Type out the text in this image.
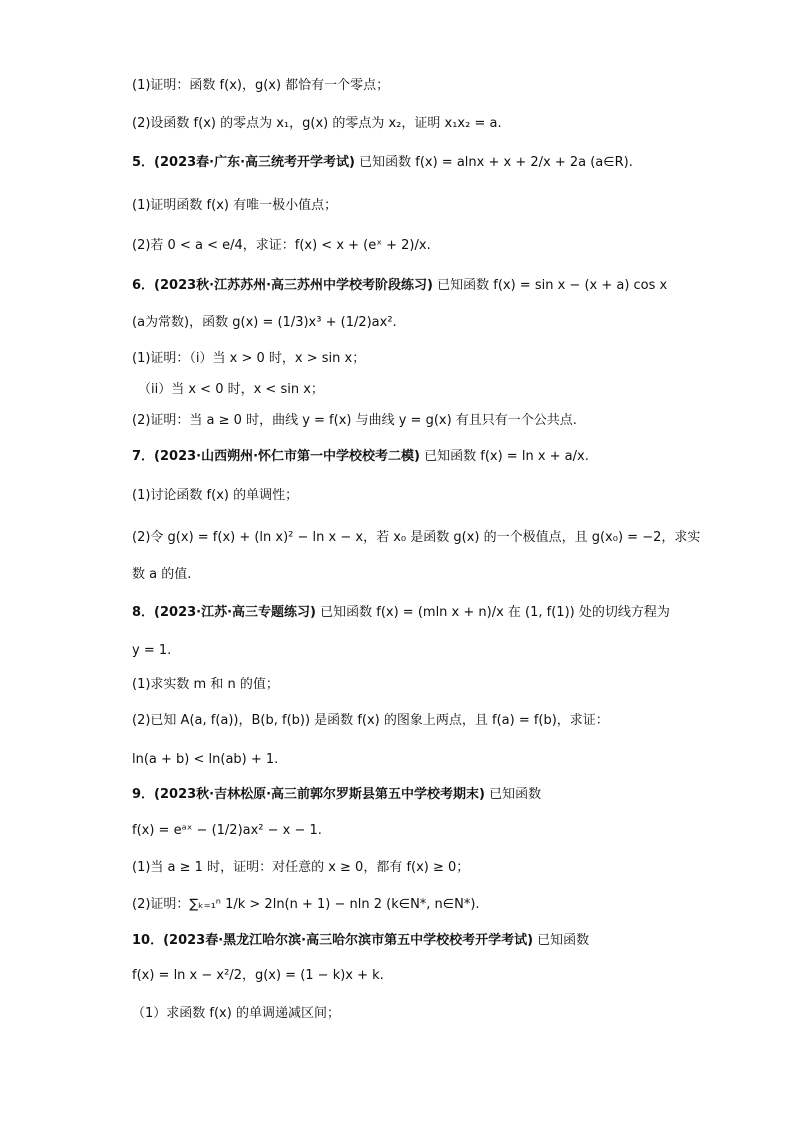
(1)证明：函数 f(x)，g(x) 都恰有一个零点；
(2)设函数 f(x) 的零点为 x₁，g(x) 的零点为 x₂，证明 x₁x₂ = a.
5．(2023春·广东·高三统考开学考试) 已知函数 f(x) = alnx + x + 2/x + 2a (a∈R).
(1)证明函数 f(x) 有唯一极小值点；
(2)若 0 < a < e/4，求证：f(x) < x + (eˣ + 2)/x.
6．(2023秋·江苏苏州·高三苏州中学校考阶段练习) 已知函数 f(x) = sin x − (x + a) cos x
(a为常数)，函数 g(x) = (1/3)x³ + (1/2)ax².
(1)证明：（i）当 x > 0 时，x > sin x；
（ii）当 x < 0 时，x < sin x；
(2)证明：当 a ≥ 0 时，曲线 y = f(x) 与曲线 y = g(x) 有且只有一个公共点.
7．(2023·山西朔州·怀仁市第一中学校校考二模) 已知函数 f(x) = ln x + a/x.
(1)讨论函数 f(x) 的单调性；
(2)令 g(x) = f(x) + (ln x)² − ln x − x，若 x₀ 是函数 g(x) 的一个极值点，且 g(x₀) = −2，求实
数 a 的值.
8．(2023·江苏·高三专题练习) 已知函数 f(x) = (mln x + n)/x 在 (1, f(1)) 处的切线方程为
y = 1.
(1)求实数 m 和 n 的值；
(2)已知 A(a, f(a))，B(b, f(b)) 是函数 f(x) 的图象上两点，且 f(a) = f(b)，求证：
ln(a + b) < ln(ab) + 1.
9．(2023秋·吉林松原·高三前郭尔罗斯县第五中学校考期末) 已知函数
f(x) = eᵃˣ − (1/2)ax² − x − 1.
(1)当 a ≥ 1 时，证明：对任意的 x ≥ 0，都有 f(x) ≥ 0；
(2)证明：∑ₖ₌₁ⁿ 1/k > 2ln(n + 1) − nln 2 (k∈N*, n∈N*).
10．(2023春·黑龙江哈尔滨·高三哈尔滨市第五中学校校考开学考试) 已知函数
f(x) = ln x − x²/2，g(x) = (1 − k)x + k.
（1）求函数 f(x) 的单调递减区间；
